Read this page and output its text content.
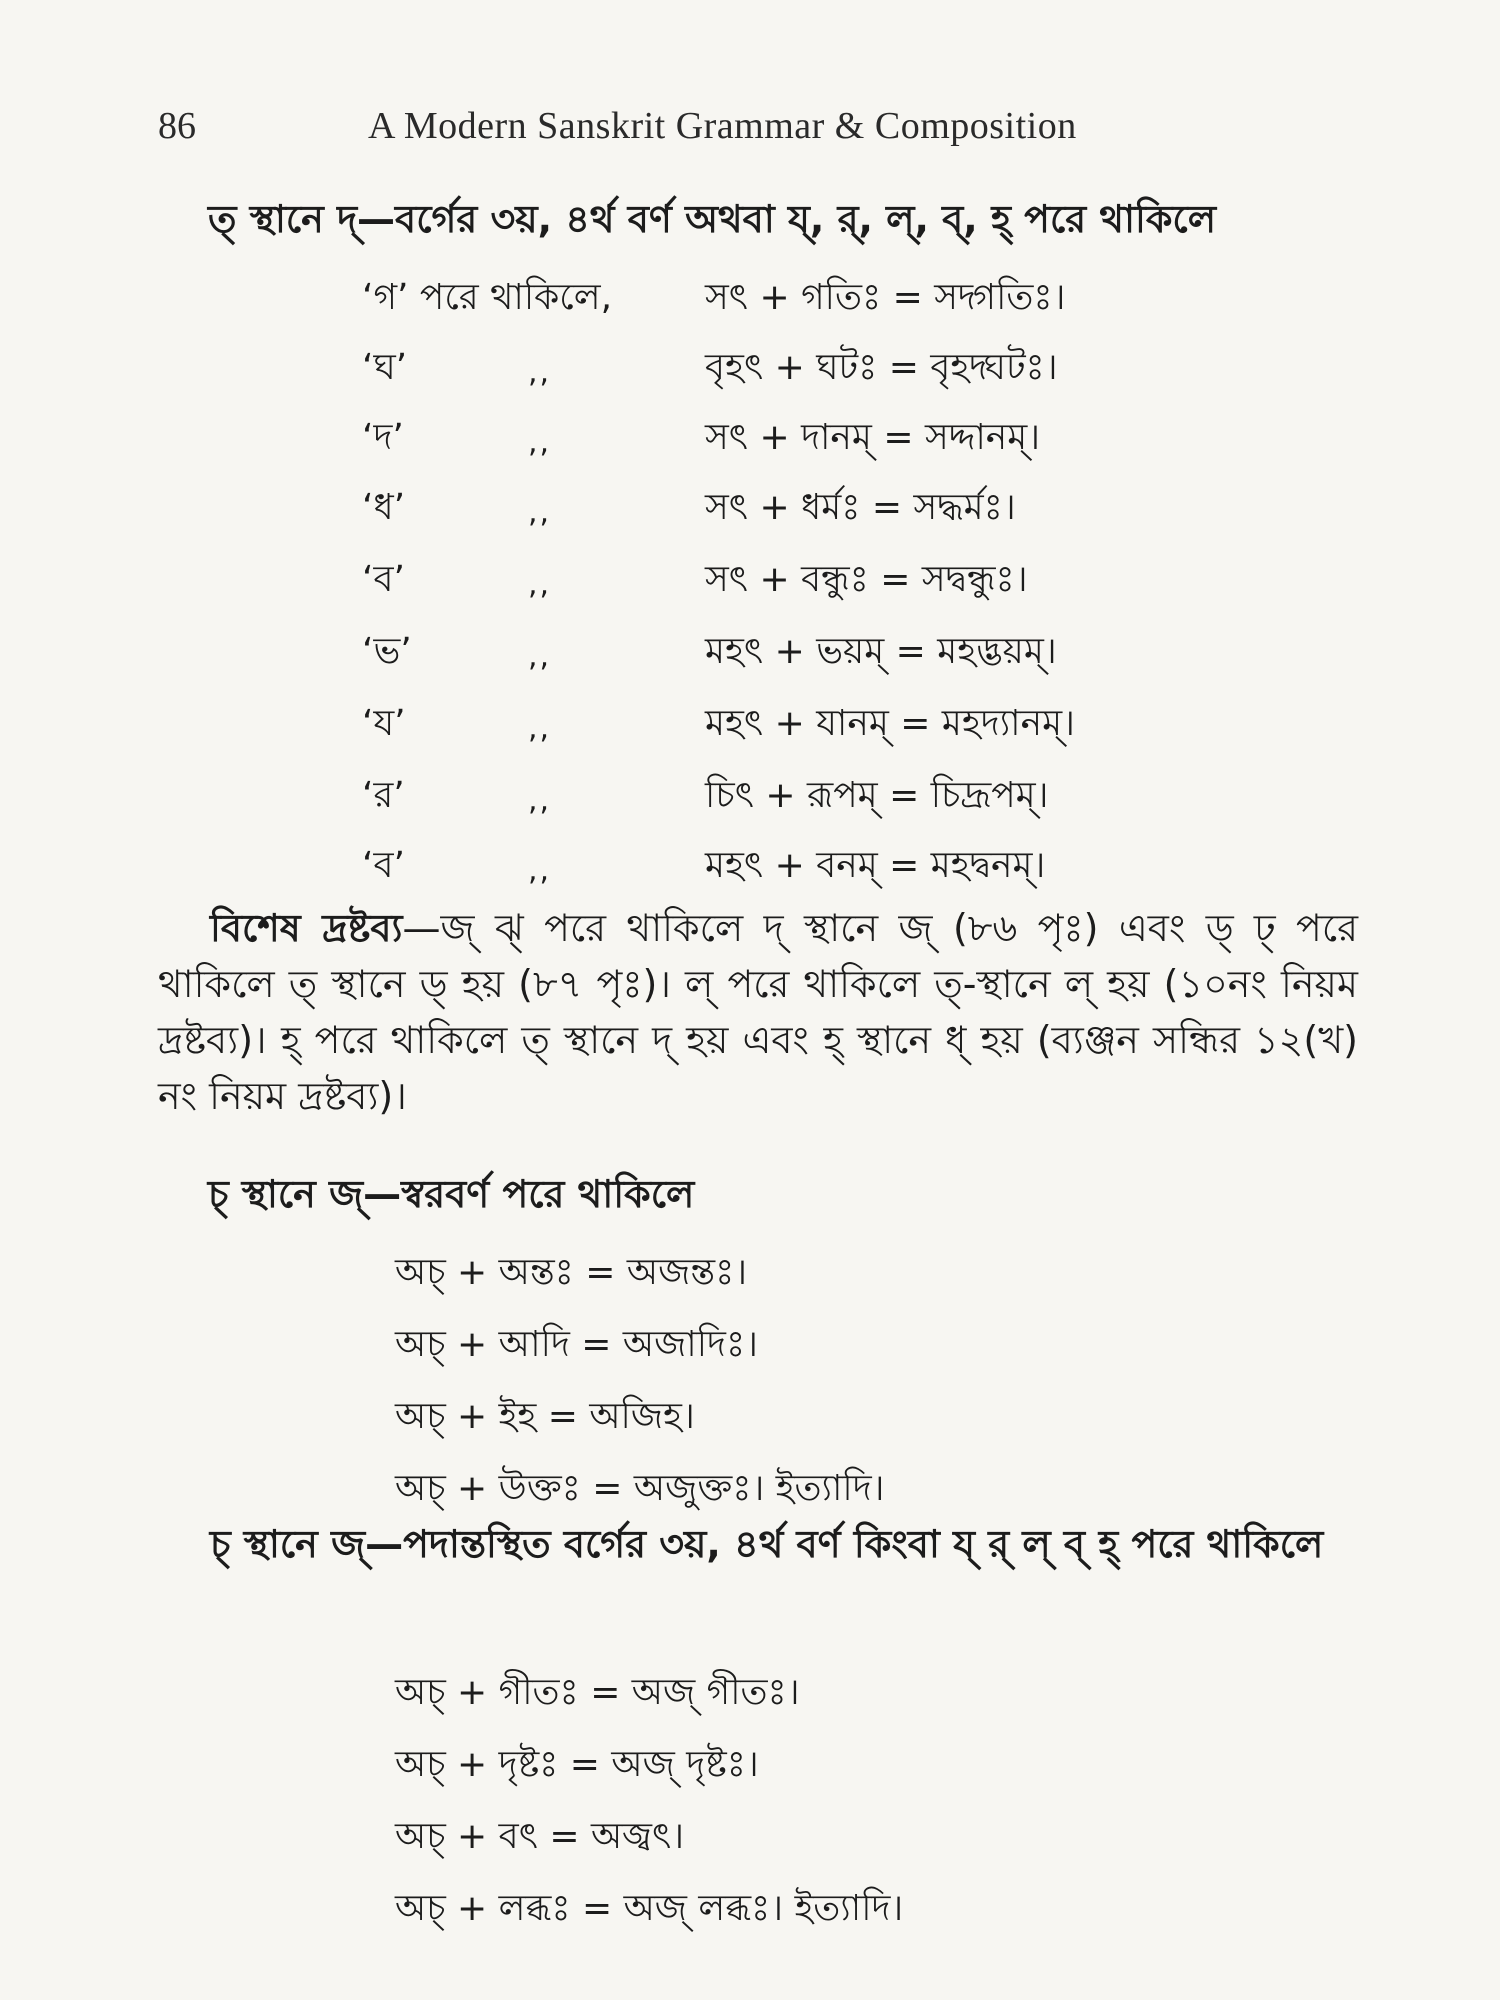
86	A Modern Sanskrit Grammar & Composition
ত্ স্থানে দ্—বর্গের ৩য়, ৪র্থ বর্ণ অথবা য্, র্, ল্, ব্, হ্ পরে থাকিলে
‘গ’ পরে থাকিলে,	সৎ + গতিঃ = সদ্গতিঃ।
‘ঘ’	,,	বৃহৎ + ঘটঃ = বৃহদ্ঘটঃ।
‘দ’	,,	সৎ + দানম্ = সদ্দানম্।
‘ধ’	,,	সৎ + ধর্মঃ = সদ্ধর্মঃ।
‘ব’	,,	সৎ + বন্ধুঃ = সদ্বন্ধুঃ।
‘ভ’	,,	মহৎ + ভয়ম্ = মহদ্ভয়ম্।
‘য’	,,	মহৎ + যানম্ = মহদ্যানম্।
‘র’	,,	চিৎ + রূপম্ = চিদ্রূপম্।
‘ব’	,,	মহৎ + বনম্ = মহদ্বনম্।
বিশেষ দ্রষ্টব্য—জ্ ঝ্ পরে থাকিলে দ্ স্থানে জ্ (৮৬ পৃঃ) এবং ড্ ঢ্ পরে থাকিলে ত্ স্থানে ড্ হয় (৮৭ পৃঃ)। ল্ পরে থাকিলে ত্-স্থানে ল্ হয় (১০নং নিয়ম দ্রষ্টব্য)। হ্ পরে থাকিলে ত্ স্থানে দ্ হয় এবং হ্ স্থানে ধ্ হয় (ব্যঞ্জন সন্ধির ১২(খ) নং নিয়ম দ্রষ্টব্য)।
চ্ স্থানে জ্—স্বরবর্ণ পরে থাকিলে
অচ্ + অন্তঃ = অজন্তঃ।
অচ্ + আদি = অজাদিঃ।
অচ্ + ইহ = অজিহ।
অচ্ + উক্তঃ = অজুক্তঃ। ইত্যাদি।
চ্ স্থানে জ্—পদান্তস্থিত বর্গের ৩য়, ৪র্থ বর্ণ কিংবা য্ র্ ল্ ব্ হ্ পরে থাকিলে
অচ্ + গীতঃ = অজ্ গীতঃ।
অচ্ + দৃষ্টঃ = অজ্ দৃষ্টঃ।
অচ্ + বৎ = অজ্বৎ।
অচ্ + লব্ধঃ = অজ্ লব্ধঃ। ইত্যাদি।
